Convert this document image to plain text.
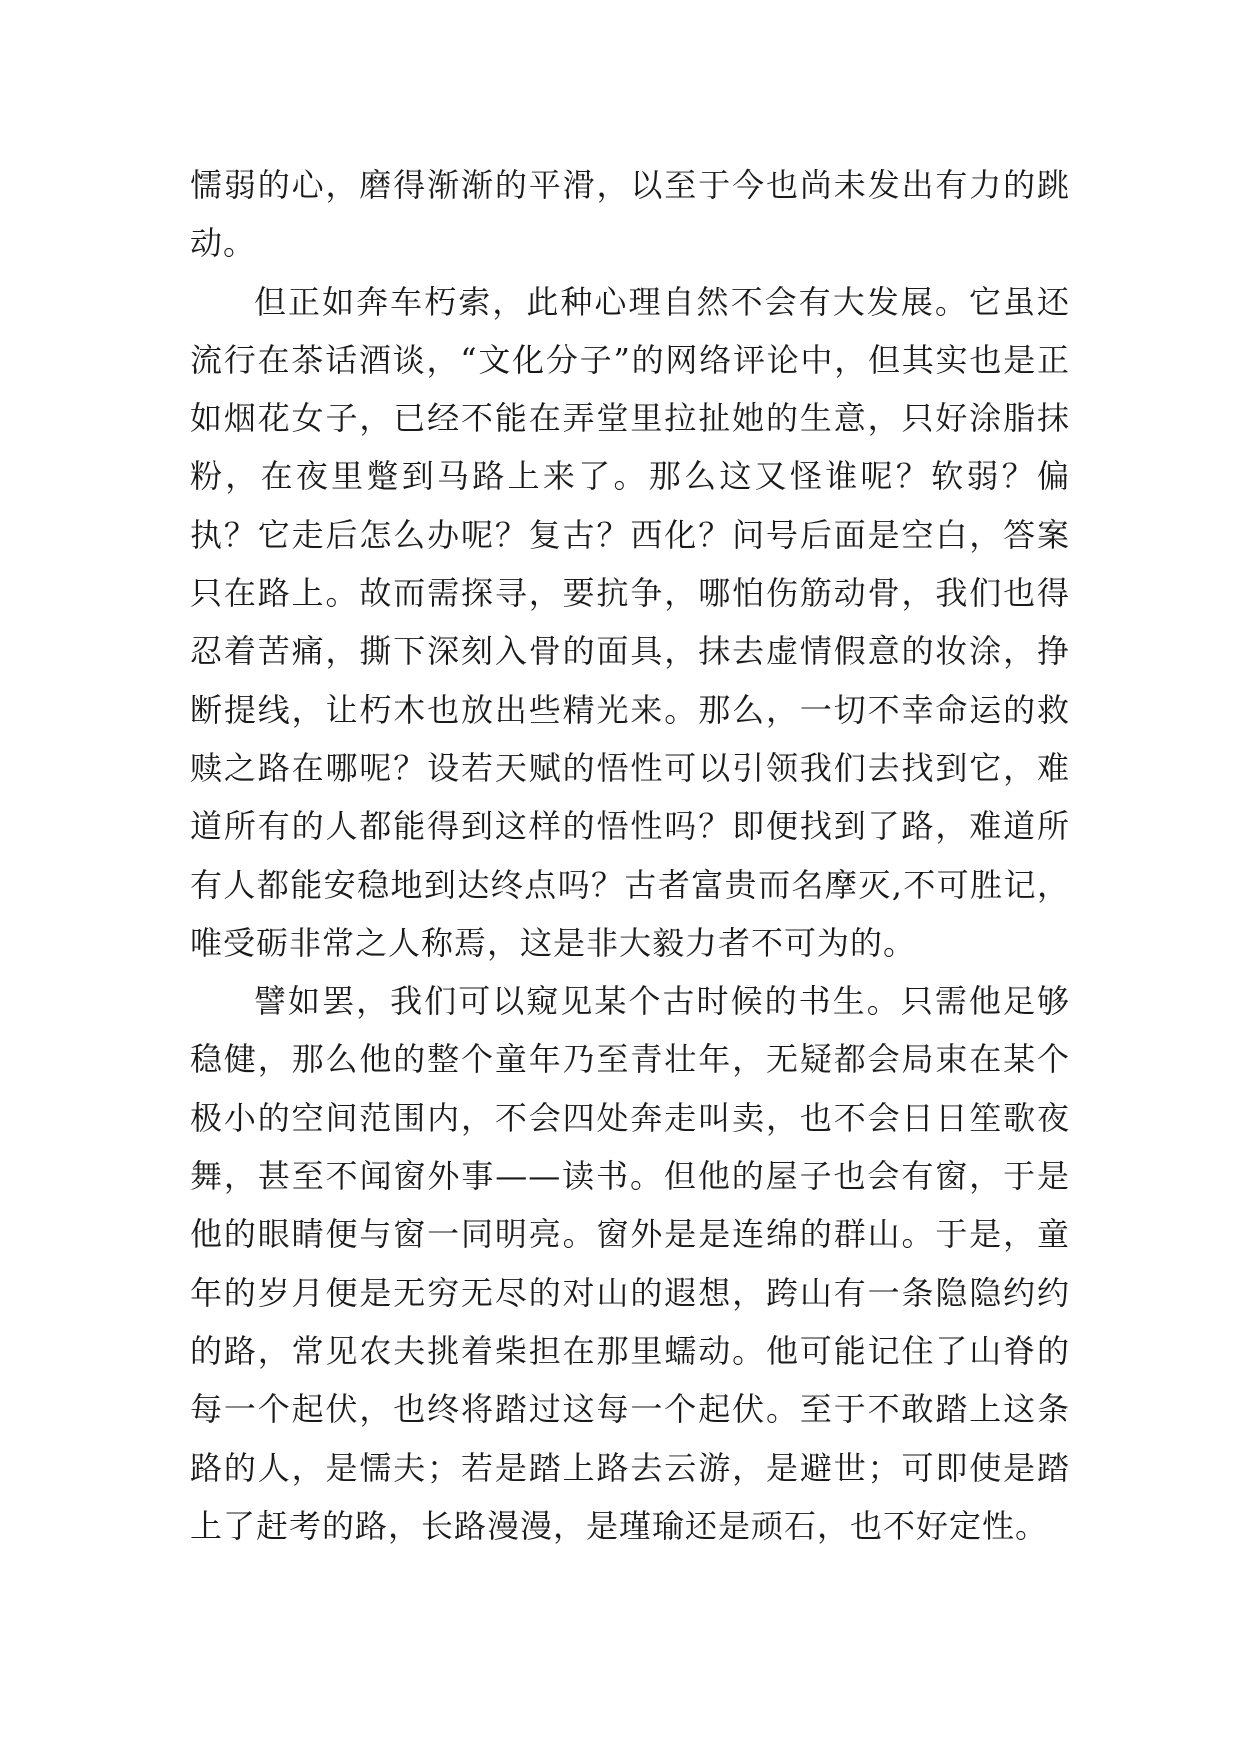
懦弱的心，磨得渐渐的平滑，以至于今也尚未发出有力的跳动。

但正如奔车朽索，此种心理自然不会有大发展。它虽还流行在茶话酒谈，“文化分子”的网络评论中，但其实也是正如烟花女子，已经不能在弄堂里拉扯她的生意，只好涂脂抹粉，在夜里蹩到马路上来了。那么这又怪谁呢？软弱？偏执？它走后怎么办呢？复古？西化？问号后面是空白，答案只在路上。故而需探寻，要抗争，哪怕伤筋动骨，我们也得忍着苦痛，撕下深刻入骨的面具，抹去虚情假意的妆涂，挣断提线，让朽木也放出些精光来。那么，一切不幸命运的救赎之路在哪呢？设若天赋的悟性可以引领我们去找到它，难道所有的人都能得到这样的悟性吗？即便找到了路，难道所有人都能安稳地到达终点吗？古者富贵而名摩灭,不可胜记，唯受砺非常之人称焉，这是非大毅力者不可为的。

譬如罢，我们可以窥见某个古时候的书生。只需他足够稳健，那么他的整个童年乃至青壮年，无疑都会局束在某个极小的空间范围内，不会四处奔走叫卖，也不会日日笙歌夜舞，甚至不闻窗外事——读书。但他的屋子也会有窗，于是他的眼睛便与窗一同明亮。窗外是是连绵的群山。于是，童年的岁月便是无穷无尽的对山的遐想，跨山有一条隐隐约约的路，常见农夫挑着柴担在那里蠕动。他可能记住了山脊的每一个起伏，也终将踏过这每一个起伏。至于不敢踏上这条路的人，是懦夫；若是踏上路去云游，是避世；可即使是踏上了赶考的路，长路漫漫，是瑾瑜还是顽石，也不好定性。
